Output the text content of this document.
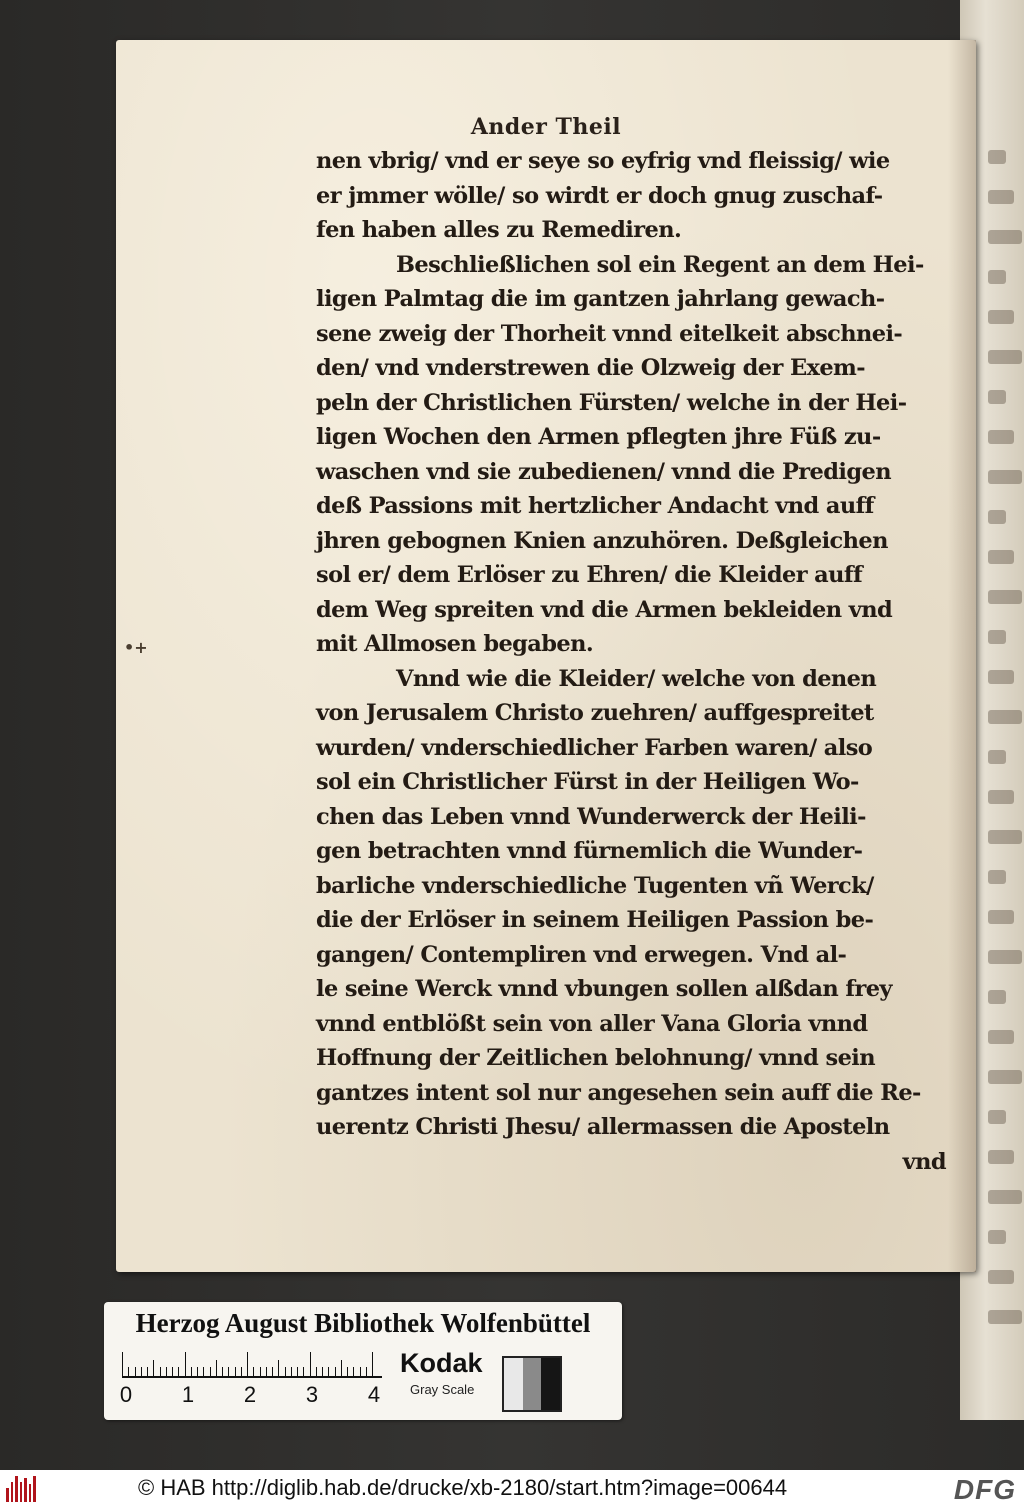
Ander Theil
•+
nen vbrig/ vnd er seye so eyfrig vnd fleissig/ wie
er jmmer wölle/ so wirdt er doch gnug zuschaf-
fen haben alles zu Remediren.
Beschließlichen sol ein Regent an dem Hei-
ligen Palmtag die im gantzen jahrlang gewach-
sene zweig der Thorheit vnnd eitelkeit abschnei-
den/ vnd vnderstrewen die Olzweig der Exem-
peln der Christlichen Fürsten/ welche in der Hei-
ligen Wochen den Armen pflegten jhre Füß zu-
waschen vnd sie zubedienen/ vnnd die Predigen
deß Passions mit hertzlicher Andacht vnd auff
jhren gebognen Knien anzuhören. Deßgleichen
sol er/ dem Erlöser zu Ehren/ die Kleider auff
dem Weg spreiten vnd die Armen bekleiden vnd
mit Allmosen begaben.
Vnnd wie die Kleider/ welche von denen
von Jerusalem Christo zuehren/ auffgespreitet
wurden/ vnderschiedlicher Farben waren/ also
sol ein Christlicher Fürst in der Heiligen Wo-
chen das Leben vnnd Wunderwerck der Heili-
gen betrachten vnnd fürnemlich die Wunder-
barliche vnderschiedliche Tugenten vñ Werck/
die der Erlöser in seinem Heiligen Passion be-
gangen/ Contempliren vnd erwegen. Vnd al-
le seine Werck vnnd vbungen sollen alßdan frey
vnnd entblößt sein von aller Vana Gloria vnnd
Hoffnung der Zeitlichen belohnung/ vnnd sein
gantzes intent sol nur angesehen sein auff die Re-
uerentz Christi Jhesu/ allermassen die Aposteln
vnd
Herzog August Bibliothek Wolfenbüttel
0 1 2 3 4
Kodak
Gray Scale
© HAB http://diglib.hab.de/drucke/xb-2180/start.htm?image=00644	DFG
